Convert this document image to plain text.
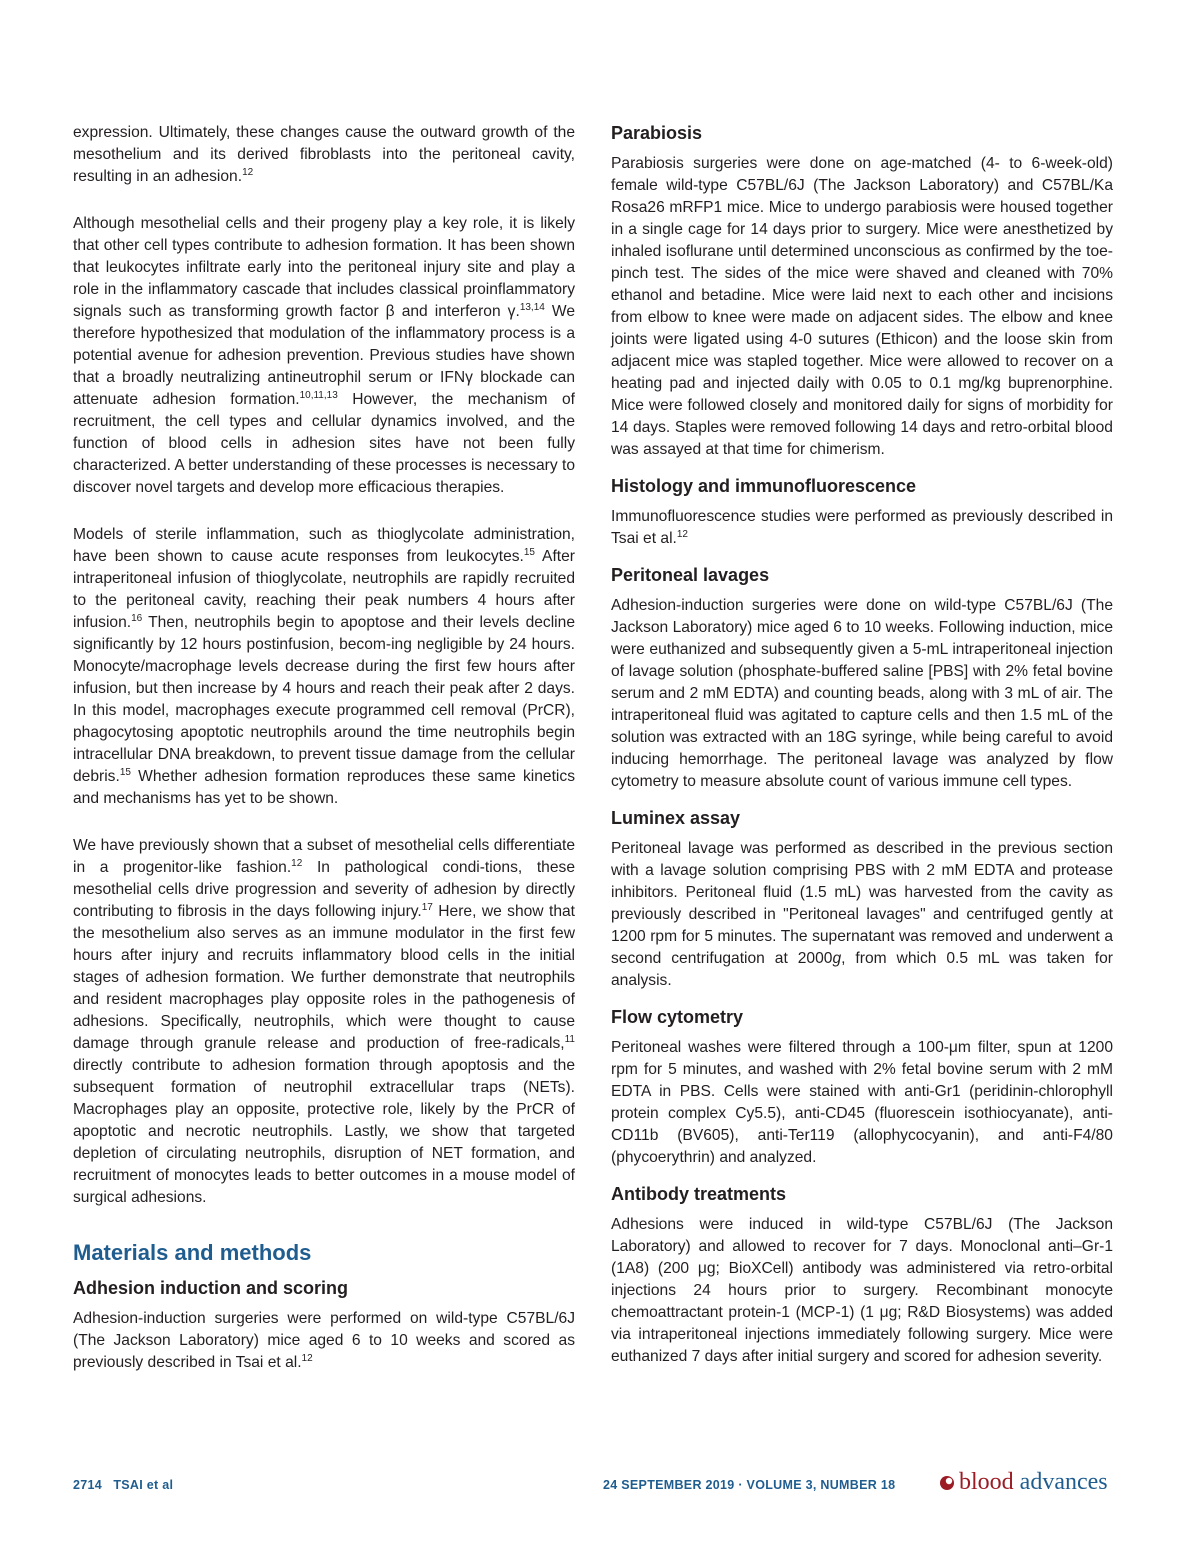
expression. Ultimately, these changes cause the outward growth of the mesothelium and its derived fibroblasts into the peritoneal cavity, resulting in an adhesion.$^{12}$

Although mesothelial cells and their progeny play a key role, it is likely that other cell types contribute to adhesion formation. It has been shown that leukocytes infiltrate early into the peritoneal injury site and play a role in the inflammatory cascade that includes classical proinflammatory signals such as transforming growth factor β and interferon γ.$^{13,14}$ We therefore hypothesized that modulation of the inflammatory process is a potential avenue for adhesion prevention. Previous studies have shown that a broadly neutralizing antineutrophil serum or IFNγ blockade can attenuate adhesion formation.$^{10,11,13}$ However, the mechanism of recruitment, the cell types and cellular dynamics involved, and the function of blood cells in adhesion sites have not been fully characterized. A better understanding of these processes is necessary to discover novel targets and develop more efficacious therapies.

Models of sterile inflammation, such as thioglycolate administration, have been shown to cause acute responses from leukocytes.$^{15}$ After intraperitoneal infusion of thioglycolate, neutrophils are rapidly recruited to the peritoneal cavity, reaching their peak numbers 4 hours after infusion.$^{16}$ Then, neutrophils begin to apoptose and their levels decline significantly by 12 hours postinfusion, becom-ing negligible by 24 hours. Monocyte/macrophage levels decrease during the first few hours after infusion, but then increase by 4 hours and reach their peak after 2 days. In this model, macrophages execute programmed cell removal (PrCR), phagocytosing apoptotic neutrophils around the time neutrophils begin intracellular DNA breakdown, to prevent tissue damage from the cellular debris.$^{15}$ Whether adhesion formation reproduces these same kinetics and mechanisms has yet to be shown.

We have previously shown that a subset of mesothelial cells differentiate in a progenitor-like fashion.$^{12}$ In pathological condi-tions, these mesothelial cells drive progression and severity of adhesion by directly contributing to fibrosis in the days following injury.$^{17}$ Here, we show that the mesothelium also serves as an immune modulator in the first few hours after injury and recruits inflammatory blood cells in the initial stages of adhesion formation. We further demonstrate that neutrophils and resident macrophages play opposite roles in the pathogenesis of adhesions. Specifically, neutrophils, which were thought to cause damage through granule release and production of free-radicals,$^{11}$ directly contribute to adhesion formation through apoptosis and the subsequent formation of neutrophil extracellular traps (NETs). Macrophages play an opposite, protective role, likely by the PrCR of apoptotic and necrotic neutrophils. Lastly, we show that targeted depletion of circulating neutrophils, disruption of NET formation, and recruitment of monocytes leads to better outcomes in a mouse model of surgical adhesions.

Materials and methods
Adhesion induction and scoring

Adhesion-induction surgeries were performed on wild-type C57BL/6J (The Jackson Laboratory) mice aged 6 to 10 weeks and scored as previously described in Tsai et al.$^{12}$

Parabiosis

Parabiosis surgeries were done on age-matched (4- to 6-week-old) female wild-type C57BL/6J (The Jackson Laboratory) and C57BL/Ka Rosa26 mRFP1 mice. Mice to undergo parabiosis were housed together in a single cage for 14 days prior to surgery. Mice were anesthetized by inhaled isoflurane until determined unconscious as confirmed by the toe-pinch test. The sides of the mice were shaved and cleaned with 70% ethanol and betadine. Mice were laid next to each other and incisions from elbow to knee were made on adjacent sides. The elbow and knee joints were ligated using 4-0 sutures (Ethicon) and the loose skin from adjacent mice was stapled together. Mice were allowed to recover on a heating pad and injected daily with 0.05 to 0.1 mg/kg buprenorphine. Mice were followed closely and monitored daily for signs of morbidity for 14 days. Staples were removed following 14 days and retro-orbital blood was assayed at that time for chimerism.

Histology and immunofluorescence

Immunofluorescence studies were performed as previously described in Tsai et al.$^{12}$

Peritoneal lavages

Adhesion-induction surgeries were done on wild-type C57BL/6J (The Jackson Laboratory) mice aged 6 to 10 weeks. Following induction, mice were euthanized and subsequently given a 5-mL intraperitoneal injection of lavage solution (phosphate-buffered saline [PBS] with 2% fetal bovine serum and 2 mM EDTA) and counting beads, along with 3 mL of air. The intraperitoneal fluid was agitated to capture cells and then 1.5 mL of the solution was extracted with an 18G syringe, while being careful to avoid inducing hemorrhage. The peritoneal lavage was analyzed by flow cytometry to measure absolute count of various immune cell types.

Luminex assay

Peritoneal lavage was performed as described in the previous section with a lavage solution comprising PBS with 2 mM EDTA and protease inhibitors. Peritoneal fluid (1.5 mL) was harvested from the cavity as previously described in "Peritoneal lavages" and centrifuged gently at 1200 rpm for 5 minutes. The supernatant was removed and underwent a second centrifugation at 2000g, from which 0.5 mL was taken for analysis.

Flow cytometry

Peritoneal washes were filtered through a 100-μm filter, spun at 1200 rpm for 5 minutes, and washed with 2% fetal bovine serum with 2 mM EDTA in PBS. Cells were stained with anti-Gr1 (peridinin-chlorophyll protein complex Cy5.5), anti-CD45 (fluorescein isothiocyanate), anti-CD11b (BV605), anti-Ter119 (allophycocyanin), and anti-F4/80 (phycoerythrin) and analyzed.

Antibody treatments

Adhesions were induced in wild-type C57BL/6J (The Jackson Laboratory) and allowed to recover for 7 days. Monoclonal anti–Gr-1 (1A8) (200 μg; BioXCell) antibody was administered via retro-orbital injections 24 hours prior to surgery. Recombinant monocyte chemoattractant protein-1 (MCP-1) (1 μg; R&D Biosystems) was added via intraperitoneal injections immediately following surgery. Mice were euthanized 7 days after initial surgery and scored for adhesion severity.

2714   TSAI et al	24 SEPTEMBER 2019 · VOLUME 3, NUMBER 18	blood advances
